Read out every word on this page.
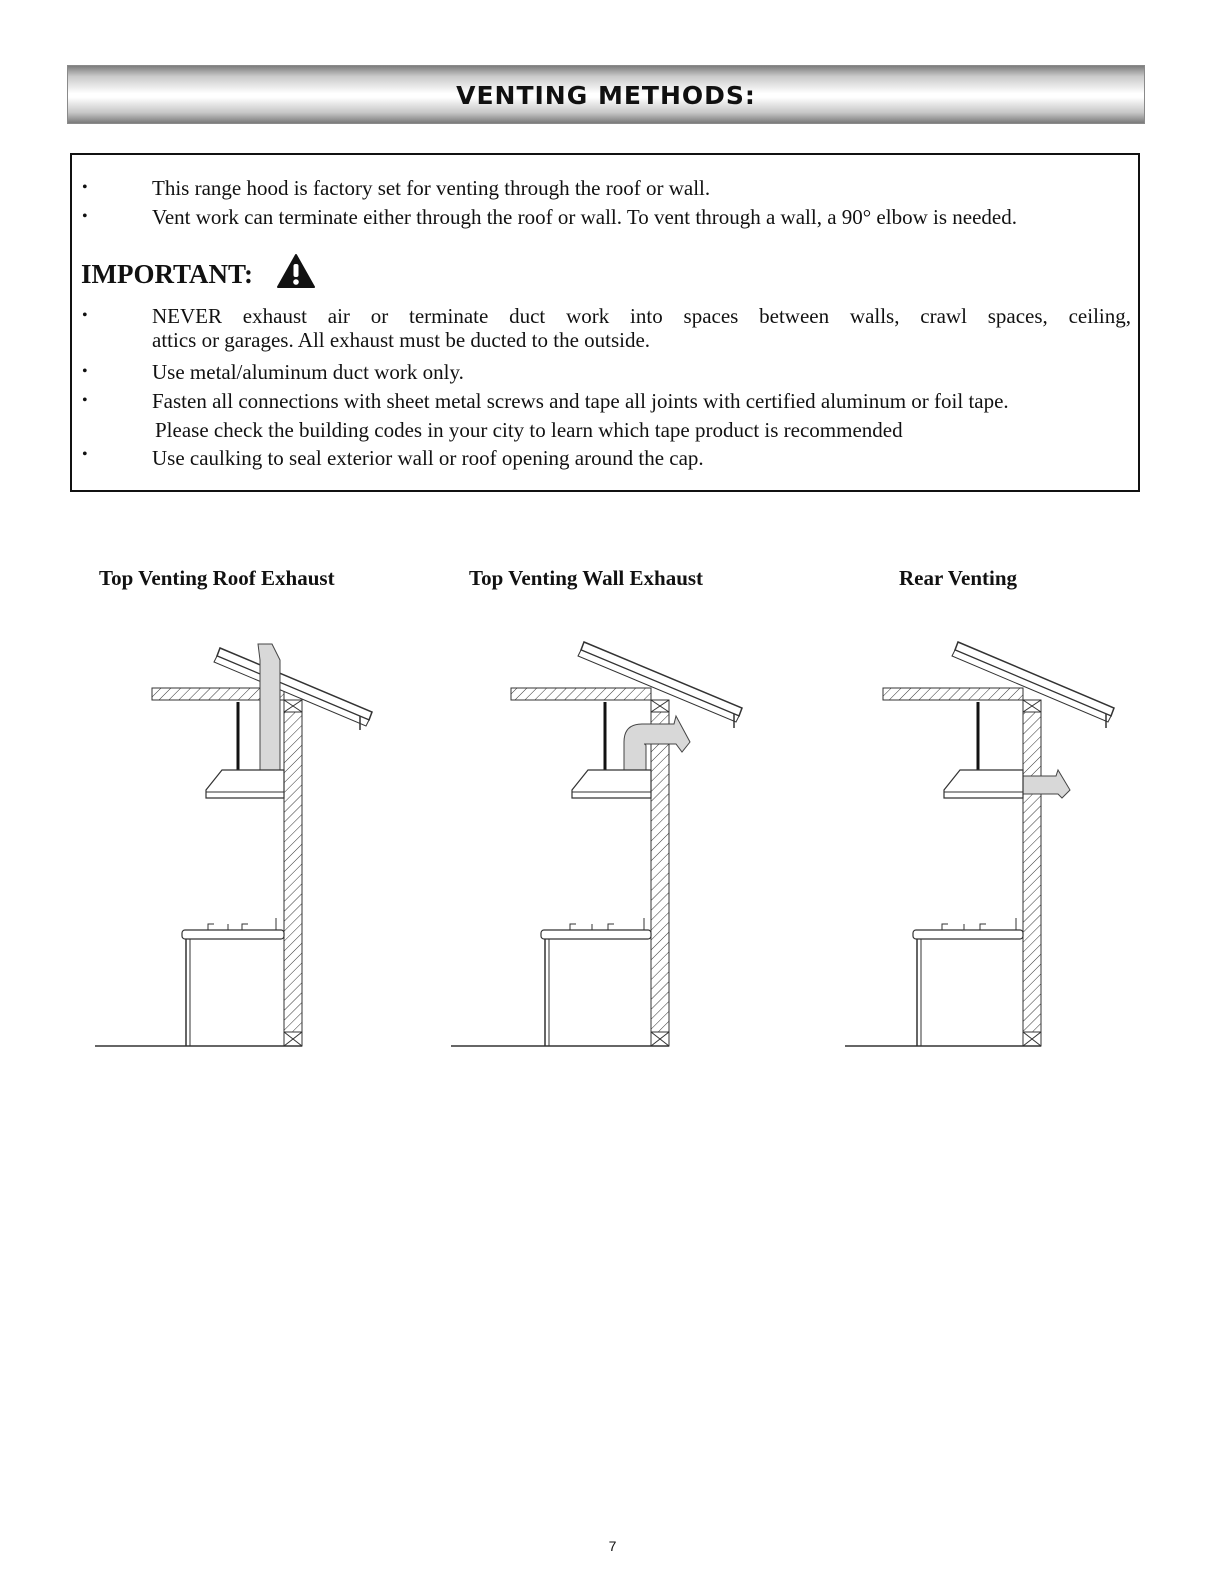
VENTING METHODS:
•	This range hood is factory set for venting through the roof or wall.
•	Vent work can terminate either through the roof or wall. To vent through a wall, a 90° elbow is needed.
IMPORTANT:
•	NEVER exhaust air or terminate duct work into spaces between walls, crawl spaces, ceiling,
attics or garages. All exhaust must be ducted to the outside.
•	Use metal/aluminum duct work only.
•	Fasten all connections with sheet metal screws and tape all joints with certified aluminum or foil tape.
Please check the building codes in your city to learn which tape product is recommended
•	Use caulking to seal exterior wall or roof opening around the cap.
Top Venting Roof Exhaust	Top Venting Wall Exhaust	Rear Venting
7
